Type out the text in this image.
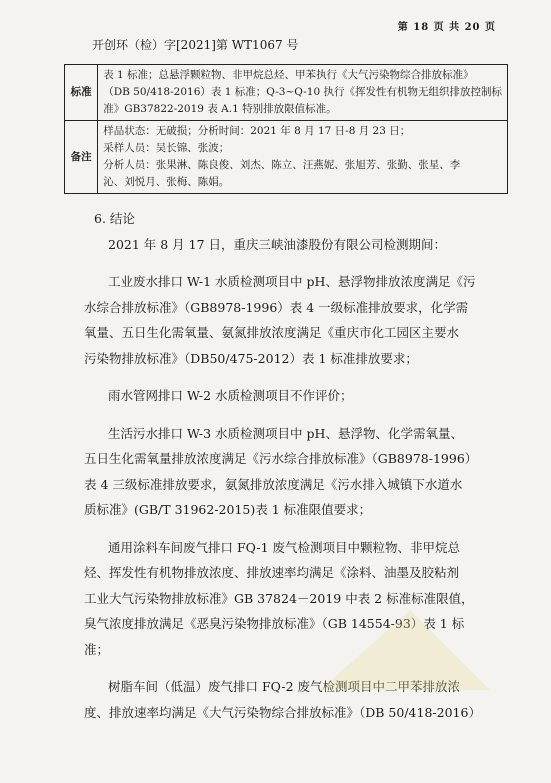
第 18 页 共 20 页
开创环（检）字[2021]第 WT1067 号
标准	表 1 标准；总悬浮颗粒物、非甲烷总烃、甲苯执行《大气污染物综合排放标准》
（DB 50/418-2016）表 1 标准；Q-3~Q-10 执行《挥发性有机物无组织排放控制标
准》GB37822-2019 表 A.1 特别排放限值标准。

备注	样品状态：无破损；分析时间：2021 年 8 月 17 日-8 月 23 日；
采样人员：吴长锦、张波；
分析人员：张果淋、陈良俊、刘杰、陈立、汪燕妮、张旭芳、张勤、张星、李
沁、刘悦月、张梅、陈娟。
6. 结论

2021 年 8 月 17 日，重庆三峡油漆股份有限公司检测期间：

工业废水排口 W-1 水质检测项目中 pH、悬浮物排放浓度满足《污
水综合排放标准》（GB8978-1996）表 4 一级标准排放要求，化学需
氧量、五日生化需氧量、氨氮排放浓度满足《重庆市化工园区主要水
污染物排放标准》（DB50/475-2012）表 1 标准排放要求；

雨水管网排口 W-2 水质检测项目不作评价；

生活污水排口 W-3 水质检测项目中 pH、悬浮物、化学需氧量、
五日生化需氧量排放浓度满足《污水综合排放标准》（GB8978-1996）
表 4 三级标准排放要求，氨氮排放浓度满足《污水排入城镇下水道水
质标准》(GB/T 31962-2015)表 1 标准限值要求；

通用涂料车间废气排口 FQ-1 废气检测项目中颗粒物、非甲烷总
烃、挥发性有机物排放浓度、排放速率均满足《涂料、油墨及胶粘剂
工业大气污染物排放标准》GB 37824－2019 中表 2 标准标准限值，
臭气浓度排放满足《恶臭污染物排放标准》（GB 14554-93）表 1 标
准；

树脂车间（低温）废气排口 FQ-2 废气检测项目中二甲苯排放浓
度、排放速率均满足《大气污染物综合排放标准》（DB 50/418-2016）
